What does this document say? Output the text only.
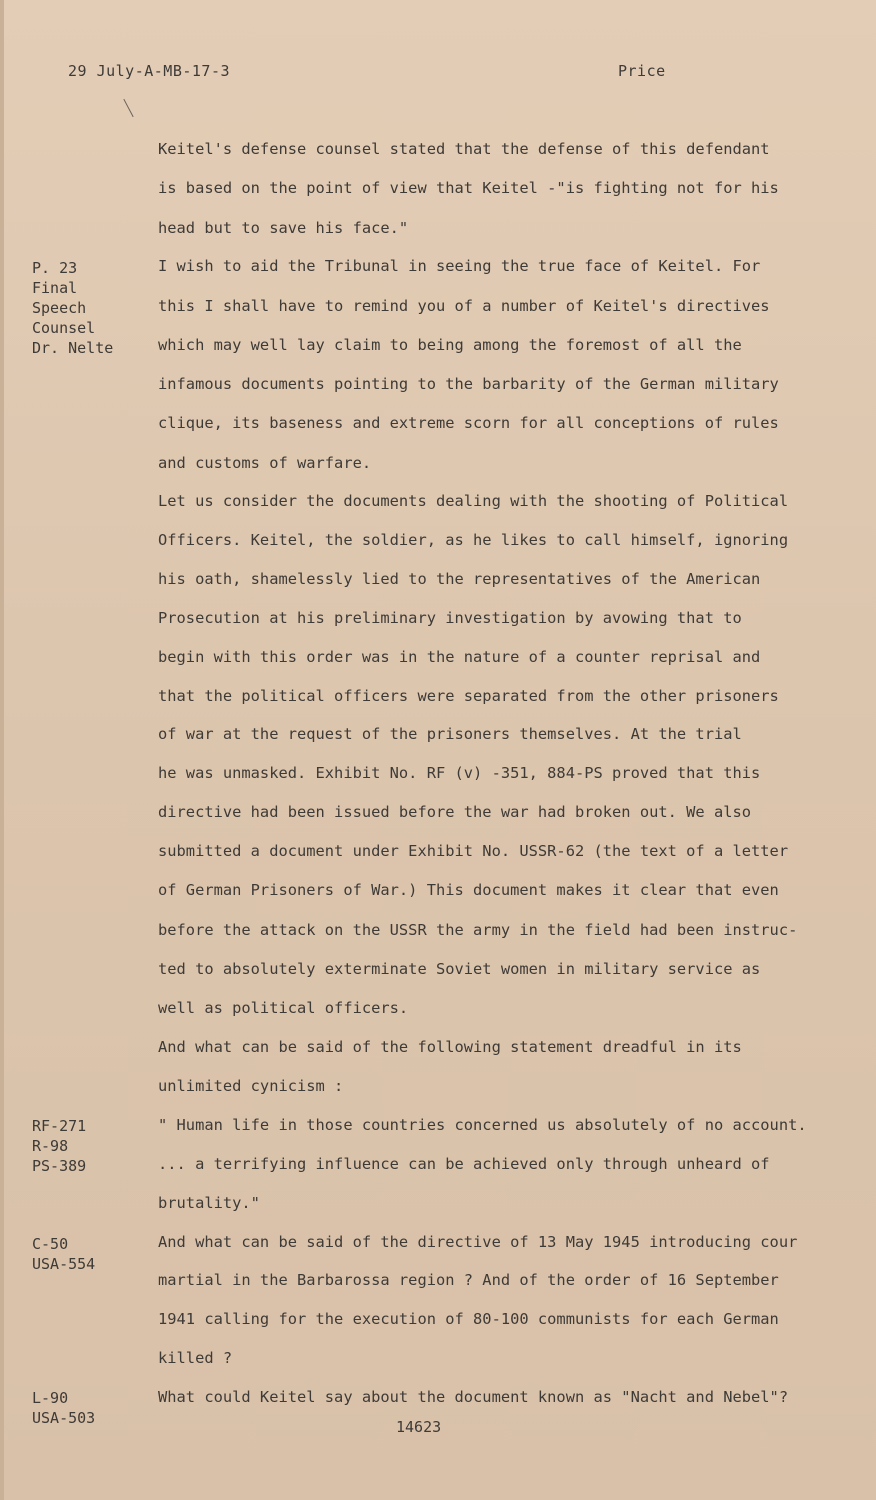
29 July-A-MB-17-3	Price
P. 23
Final
Speech
Counsel
Dr. Nelte
RF-271
R-98
PS-389
C-50
USA-554
L-90
USA-503
Keitel's defense counsel stated that the defense of this defendant
is based on the point of view that Keitel -"is fighting not for his
head but to save his face."
I wish to aid the Tribunal in seeing the true face of Keitel. For
this I shall have to remind you of a number of Keitel's directives
which may well lay claim to being among the foremost of all the
infamous documents pointing to the barbarity of the German military
clique, its baseness and extreme scorn for all conceptions of rules
and customs of warfare.
Let us consider the documents dealing with the shooting of Political
Officers. Keitel, the soldier, as he likes to call himself, ignoring
his oath, shamelessly lied to the representatives of the American
Prosecution at his preliminary investigation by avowing that to
begin with this order was in the nature of a counter reprisal and
that the political officers were separated from the other prisoners
of war at the request of the prisoners themselves. At the trial
he was unmasked. Exhibit No. RF (v) -351, 884-PS proved that this
directive had been issued before the war had broken out. We also
submitted a document under Exhibit No. USSR-62 (the text of a letter
of German Prisoners of War.) This document makes it clear that even
before the attack on the USSR the army in the field had been instruc-
ted to absolutely exterminate Soviet women in military service as
well as political officers.
And what can be said of the following statement dreadful in its
unlimited cynicism :
" Human life in those countries concerned us absolutely of no account.
... a terrifying influence can be achieved only through unheard of
brutality."
And what can be said of the directive of 13 May 1945 introducing cour
martial in the Barbarossa region ? And of the order of 16 September
1941 calling for the execution of 80-100 communists for each German
killed ?
What could Keitel say about the document known as "Nacht and Nebel"?
14623
